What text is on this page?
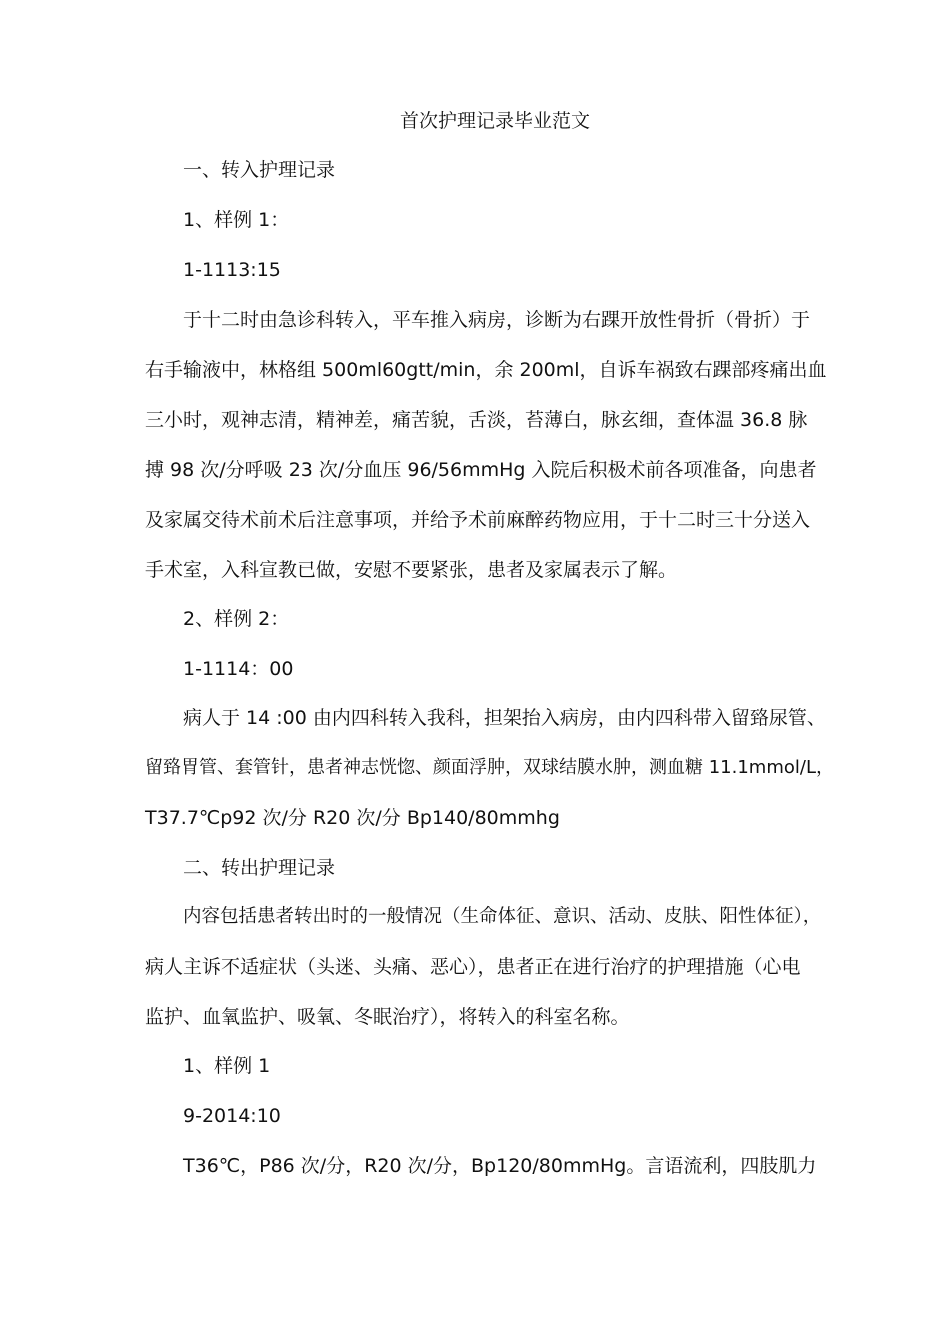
首次护理记录毕业范文
一、转入护理记录
1、样例 1：
1-1113:15
于十二时由急诊科转入，平车推入病房，诊断为右踝开放性骨折（骨折）于
右手输液中，林格组 500ml60gtt/min，余 200ml，自诉车祸致右踝部疼痛出血
三小时，观神志清，精神差，痛苦貌，舌淡，苔薄白，脉玄细，查体温 36.8 脉
搏 98 次/分呼吸 23 次/分血压 96/56mmHg 入院后积极术前各项准备，向患者
及家属交待术前术后注意事项，并给予术前麻醉药物应用，于十二时三十分送入
手术室，入科宣教已做，安慰不要紧张，患者及家属表示了解。
2、样例 2：
1-1114：00
病人于 14 :00 由内四科转入我科，担架抬入病房，由内四科带入留臵尿管、
留臵胃管、套管针，患者神志恍惚、颜面浮肿，双球结膜水肿，测血糖 11.1mmol/L，
T37.7℃p92 次/分 R20 次/分 Bp140/80mmhg
二、转出护理记录
内容包括患者转出时的一般情况（生命体征、意识、活动、皮肤、阳性体征），
病人主诉不适症状（头迷、头痛、恶心），患者正在进行治疗的护理措施（心电
监护、血氧监护、吸氧、冬眠治疗），将转入的科室名称。
1、样例 1
9-2014:10
T36℃，P86 次/分，R20 次/分，Bp120/80mmHg。言语流利，四肢肌力
